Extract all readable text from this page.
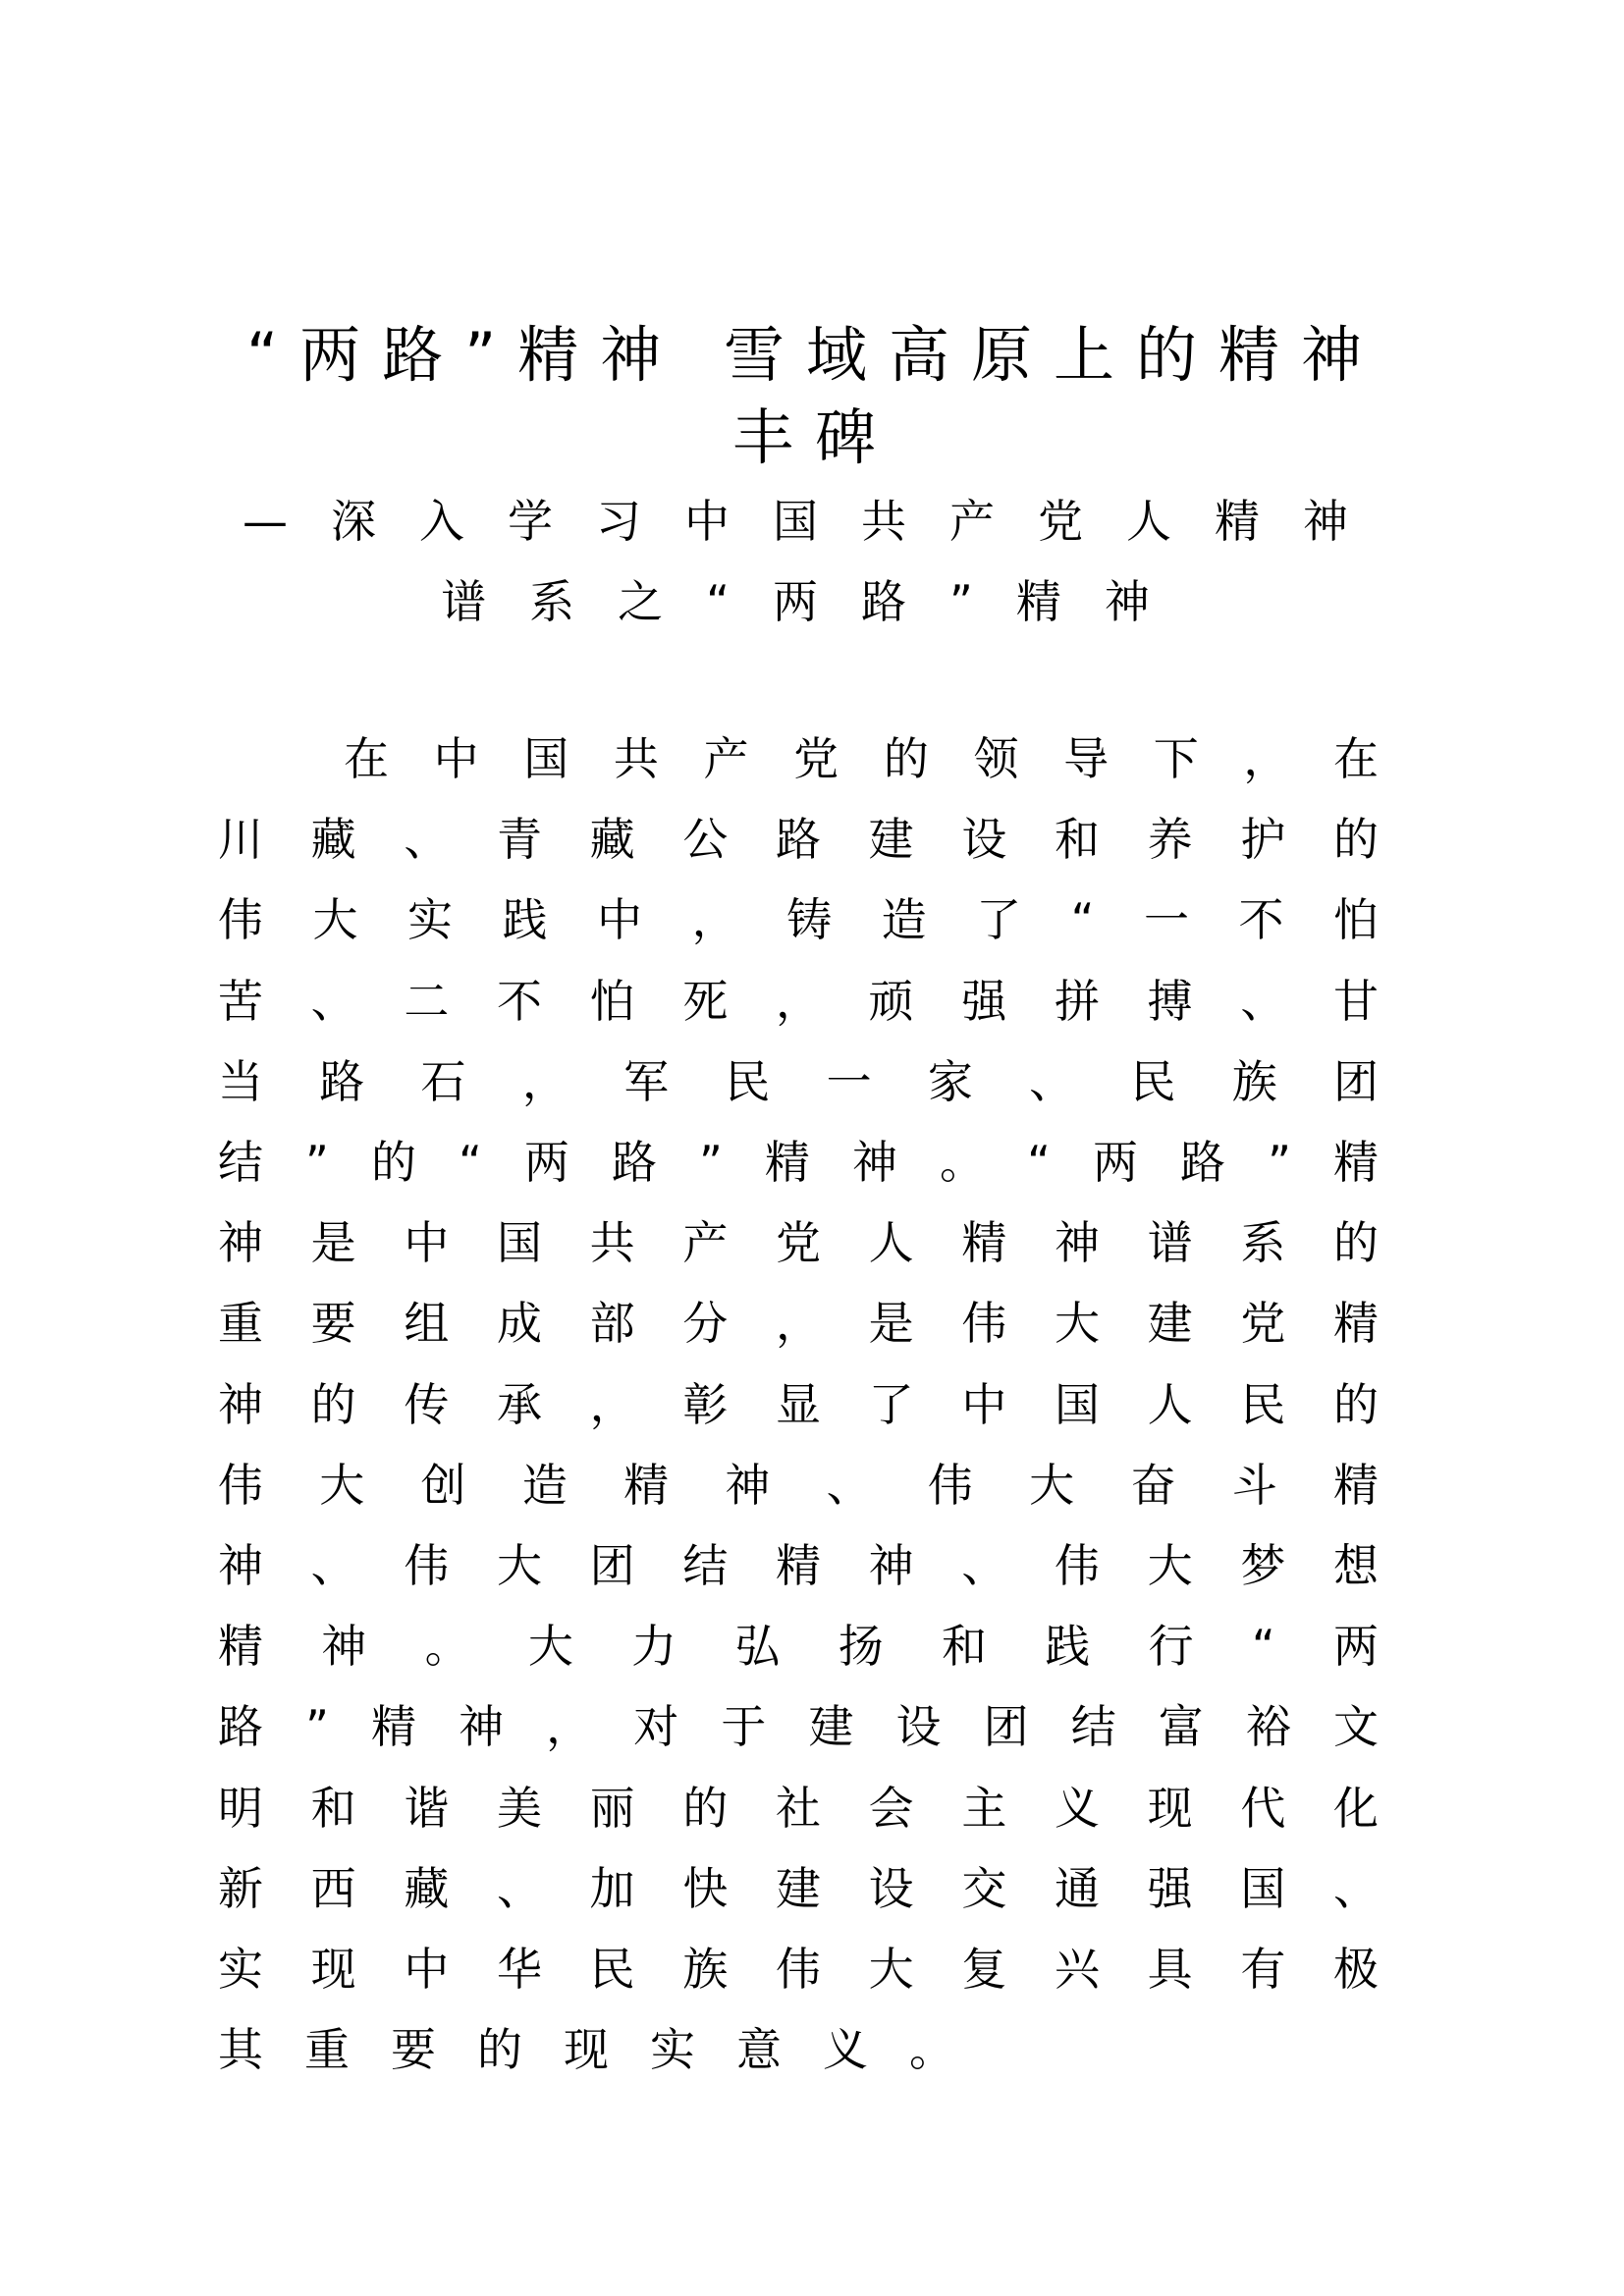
“两路”精神 雪域高原上的精神丰碑
—深入学习中国共产党人精神谱系之“两路”精神

在中国共产党的领导下，在川藏、青藏公路建设和养护的伟大实践中，铸造了“一不怕苦、二不怕死，顽强拼搏、甘当路石，军民一家、民族团结”的“两路”精神。“两路”精神是中国共产党人精神谱系的重要组成部分，是伟大建党精神的传承，彰显了中国人民的伟大创造精神、伟大奋斗精神、伟大团结精神、伟大梦想精神。大力弘扬和践行“两路”精神，对于建设团结富裕文明和谐美丽的社会主义现代化新西藏、加快建设交通强国、实现中华民族伟大复兴具有极其重要的现实意义。
